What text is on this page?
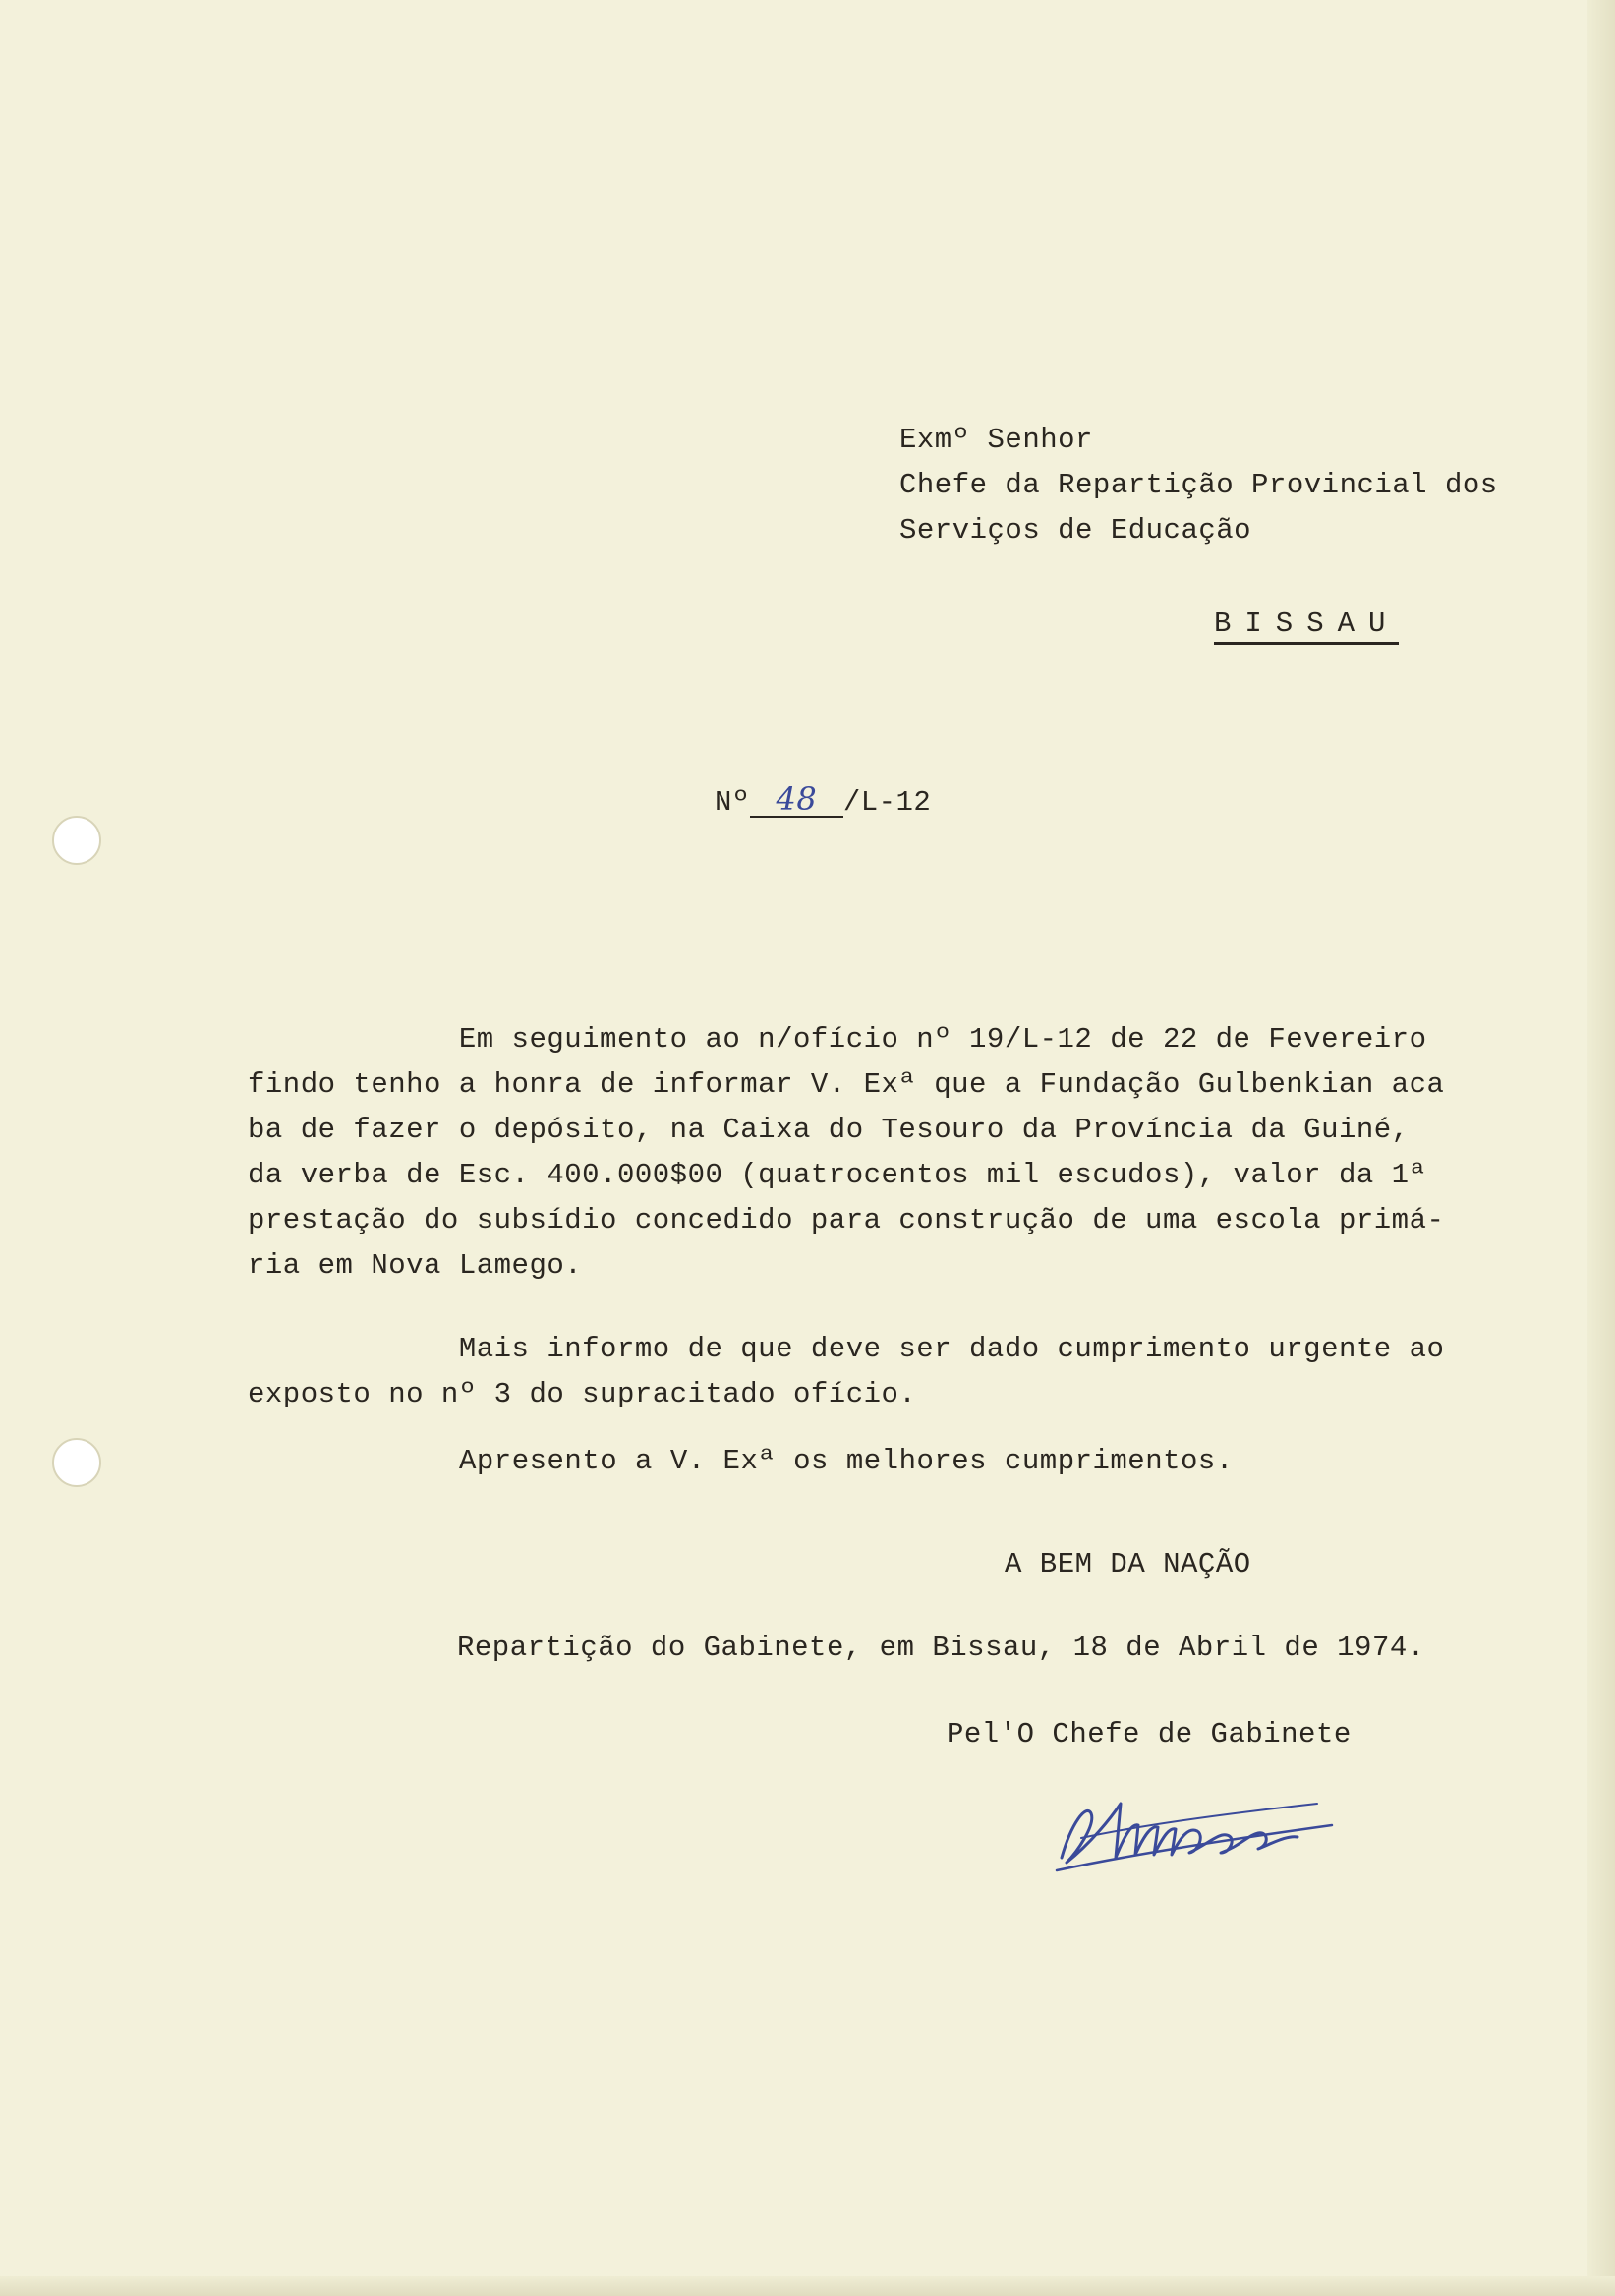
Exmº Senhor
Chefe da Repartição Provincial dos
Serviços de Educação
BISSAU
Nº 48 /L-12
Em seguimento ao n/ofício nº 19/L-12 de 22 de Fevereiro
findo tenho a honra de informar V. Exª que a Fundação Gulbenkian aca
ba de fazer o depósito, na Caixa do Tesouro da Província da Guiné,
da verba de Esc. 400.000$00 (quatrocentos mil escudos), valor da 1ª
prestação do subsídio concedido para construção de uma escola primá-
ria em Nova Lamego.
Mais informo de que deve ser dado cumprimento urgente ao
exposto no nº 3 do supracitado ofício.
Apresento a V. Exª os melhores cumprimentos.
A BEM DA NAÇÃO
Repartição do Gabinete, em Bissau, 18 de Abril de 1974.
Pel'O Chefe de Gabinete
